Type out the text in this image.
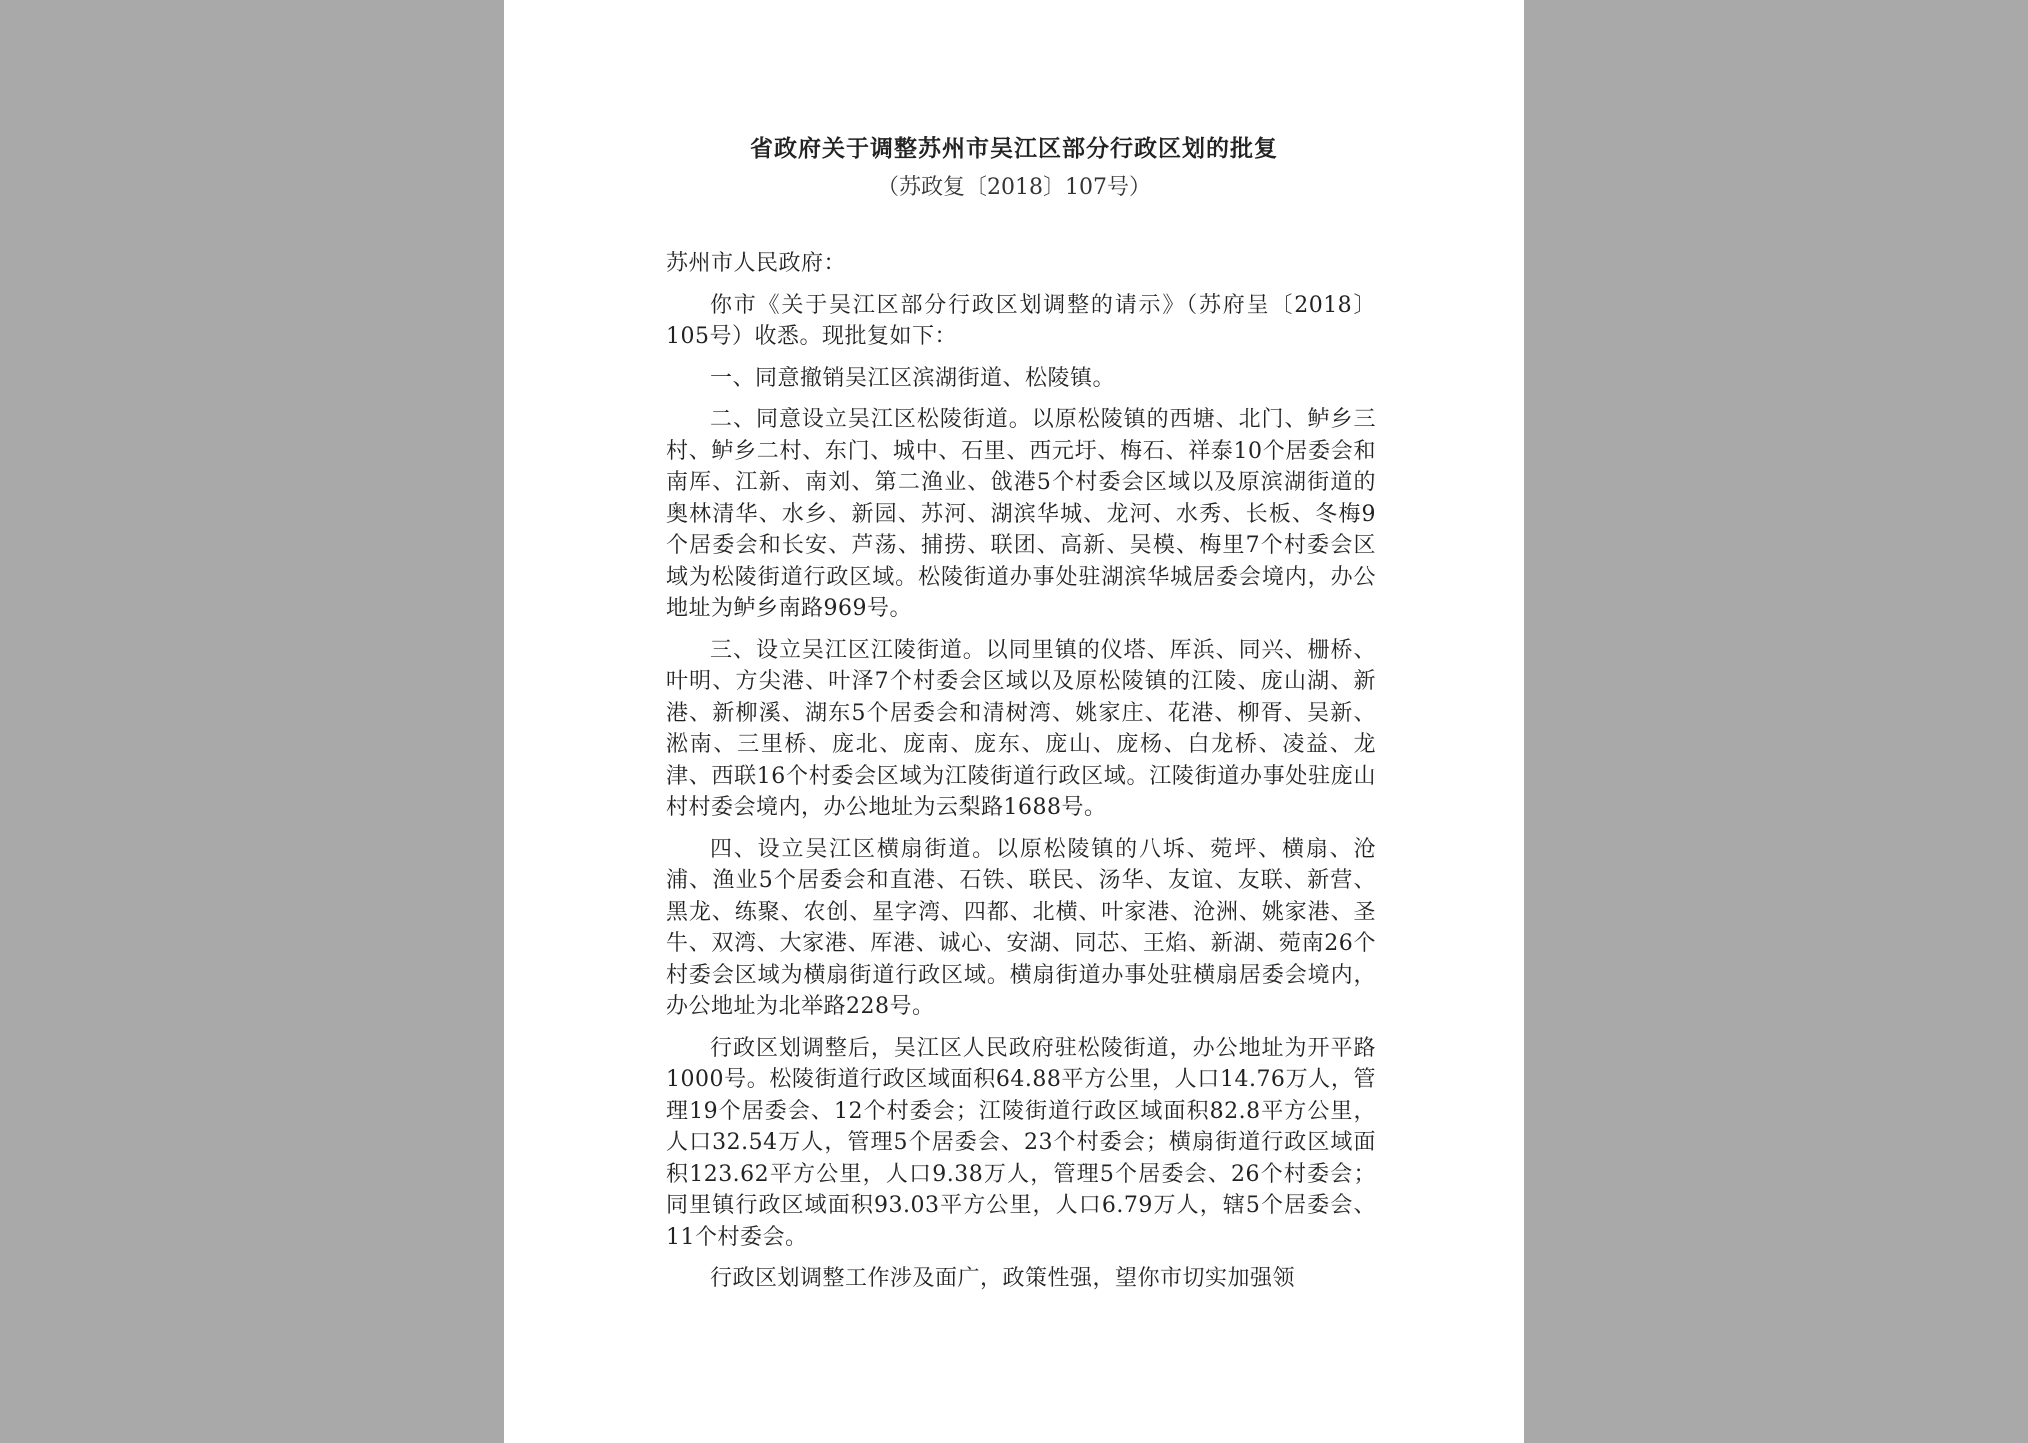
省政府关于调整苏州市吴江区部分行政区划的批复
（苏政复〔2018〕107号）

苏州市人民政府：

你市《关于吴江区部分行政区划调整的请示》（苏府呈〔2018〕105号）收悉。现批复如下：

一、同意撤销吴江区滨湖街道、松陵镇。

二、同意设立吴江区松陵街道。以原松陵镇的西塘、北门、鲈乡三村、鲈乡二村、东门、城中、石里、西元圩、梅石、祥泰10个居委会和南厍、江新、南刘、第二渔业、戗港5个村委会区域以及原滨湖街道的奥林清华、水乡、新园、苏河、湖滨华城、龙河、水秀、长板、冬梅9个居委会和长安、芦荡、捕捞、联团、高新、吴模、梅里7个村委会区域为松陵街道行政区域。松陵街道办事处驻湖滨华城居委会境内，办公地址为鲈乡南路969号。

三、设立吴江区江陵街道。以同里镇的仪塔、厍浜、同兴、栅桥、叶明、方尖港、叶泽7个村委会区域以及原松陵镇的江陵、庞山湖、新港、新柳溪、湖东5个居委会和清树湾、姚家庄、花港、柳胥、吴新、淞南、三里桥、庞北、庞南、庞东、庞山、庞杨、白龙桥、凌益、龙津、西联16个村委会区域为江陵街道行政区域。江陵街道办事处驻庞山村村委会境内，办公地址为云梨路1688号。

四、设立吴江区横扇街道。以原松陵镇的八坼、菀坪、横扇、沧浦、渔业5个居委会和直港、石铁、联民、汤华、友谊、友联、新营、黑龙、练聚、农创、星字湾、四都、北横、叶家港、沧洲、姚家港、圣牛、双湾、大家港、厍港、诚心、安湖、同芯、王焰、新湖、菀南26个村委会区域为横扇街道行政区域。横扇街道办事处驻横扇居委会境内，办公地址为北举路228号。

行政区划调整后，吴江区人民政府驻松陵街道，办公地址为开平路1000号。松陵街道行政区域面积64.88平方公里，人口14.76万人，管理19个居委会、12个村委会；江陵街道行政区域面积82.8平方公里，人口32.54万人，管理5个居委会、23个村委会；横扇街道行政区域面积123.62平方公里，人口9.38万人，管理5个居委会、26个村委会；同里镇行政区域面积93.03平方公里，人口6.79万人，辖5个居委会、11个村委会。

行政区划调整工作涉及面广，政策性强，望你市切实加强领
